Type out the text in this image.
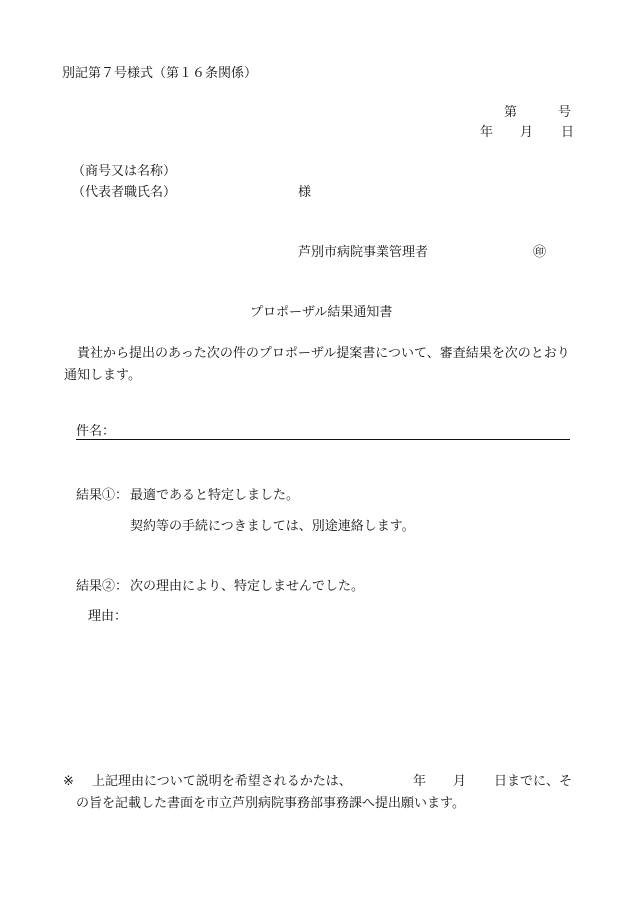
別記第７号様式（第１６条関係）
第	号
年 月 日
（商号又は名称）
（代表者職氏名）	様
芦別市病院事業管理者	㊞
プロポーザル結果通知書
貴社から提出のあった次の件のプロポーザル提案書について、審査結果を次のとおり通知します。
件名：
結果①： 最適であると特定しました。
契約等の手続につきましては、別途連絡します。
結果②： 次の理由により、特定しませんでした。
理由：
※ 上記理由について説明を希望されるかたは、	年 月 日までに、そ
の旨を記載した書面を市立芦別病院事務部事務課へ提出願います。
